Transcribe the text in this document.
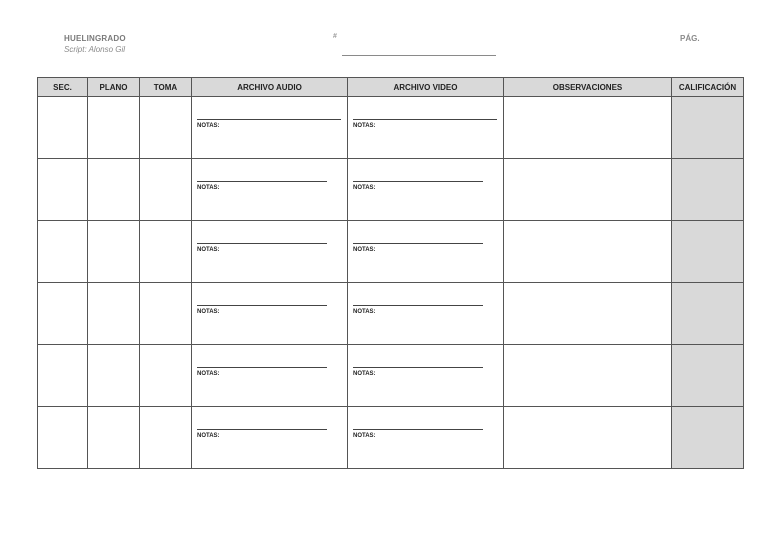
HUELINGRADO
Script: Alonso Gil
#	PÁG.
SEC.	PLANO	TOMA	ARCHIVO AUDIO	ARCHIVO VIDEO	OBSERVACIONES	CALIFICACIÓN

			NOTAS:	NOTAS:		

			NOTAS:	NOTAS:		

			NOTAS:	NOTAS:		

			NOTAS:	NOTAS:		

			NOTAS:	NOTAS:		

			NOTAS:	NOTAS:		
